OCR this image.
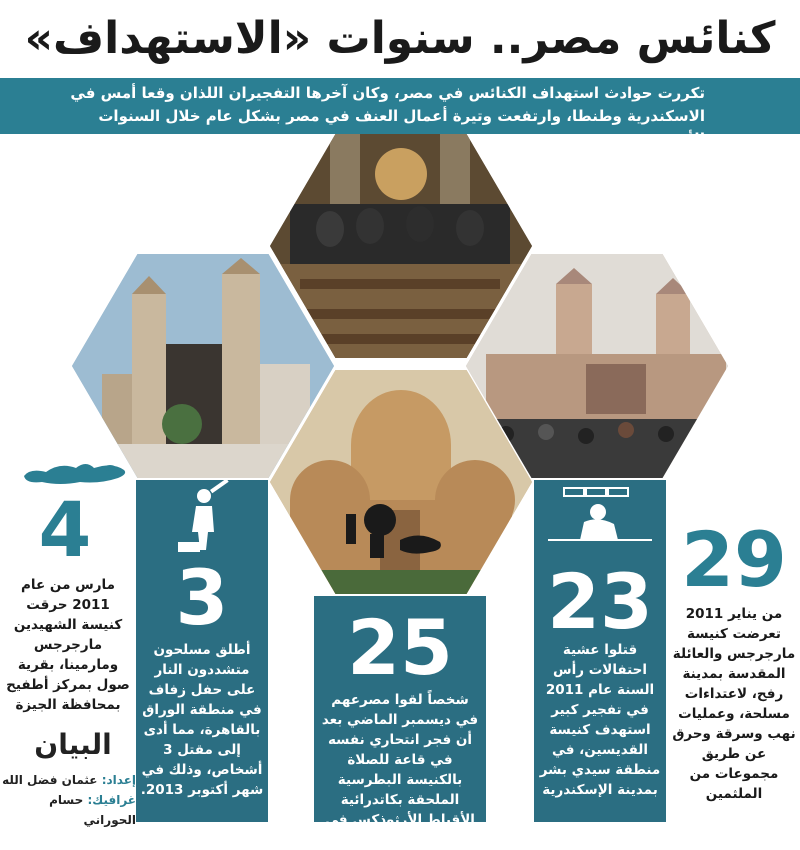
كنائس مصر.. سنوات «الاستهداف»
تكررت حوادث استهداف الكنائس في مصر، وكان آخرها التفجيران اللذان وقعا أمس في الاسكندرية وطنطا، وارتفعت وتيرة أعمال العنف في مصر بشكل عام خلال السنوات الأخيرة.
4
3
25
23 29
مارس من عام 2011 حرقت كنيسة الشهيدين مارجرجس ومارمينا، بقرية صول بمركز أطفيح بمحافظة الجيزة
أطلق مسلحون متشددون النار على حفل زفاف في منطقة الوراق بالقاهرة، مما أدى إلى مقتل 3 أشخاص، وذلك في شهر أكتوبر 2013.
شخصاً لقوا مصرعهم في ديسمبر الماضي بعد أن فجر انتحاري نفسه في قاعة للصلاة بالكنيسة البطرسية الملحقة بكاتدرائية الأقباط الأرثوذكس في القاهرة
قتلوا عشية احتفالات رأس السنة عام 2011 في تفجير كبير استهدف كنيسة القديسين، في منطقة سيدي بشر بمدينة الإسكندرية
من يناير 2011 تعرضت كنيسة مارجرجس والعائلة المقدسة بمدينة رفح، لاعتداءات مسلحة، وعمليات نهب وسرقة وحرق عن طريق مجموعات من الملثمين
البيان
إعداد: عثمان فضل الله
غرافيك: حسام الحوراني
